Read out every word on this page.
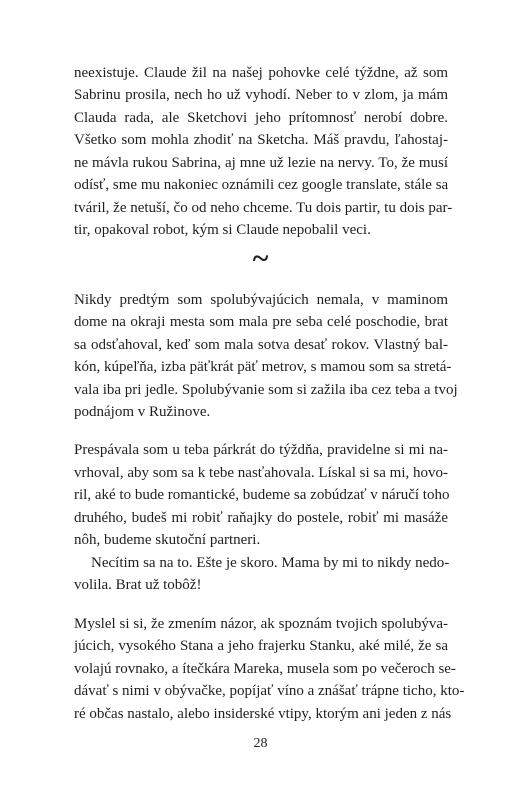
neexistuje. Claude žil na našej pohovke celé týždne, až som
Sabrinu prosila, nech ho už vyhodí. Neber to v zlom, ja mám
Clauda rada, ale Sketchovi jeho prítomnosť nerobí dobre.
Všetko som mohla zhodiť na Sketcha. Máš pravdu, ľahostaj-
ne mávla rukou Sabrina, aj mne už lezie na nervy. To, že musí
odísť, sme mu nakoniec oznámili cez google translate, stále sa
tváril, že netuší, čo od neho chceme. Tu dois partir, tu dois par-
tir, opakoval robot, kým si Claude nepobalil veci.
~
Nikdy predtým som spolubývajúcich nemala, v maminom
dome na okraji mesta som mala pre seba celé poschodie, brat
sa odsťahoval, keď som mala sotva desať rokov. Vlastný bal-
kón, kúpeľňa, izba päťkrát päť metrov, s mamou som sa stretá-
vala iba pri jedle. Spolubývanie som si zažila iba cez teba a tvoj
podnájom v Ružinove.
Prespávala som u teba párkrát do týždňa, pravidelne si mi na-
vrhoval, aby som sa k tebe nasťahovala. Lískal si sa mi, hovo-
ril, aké to bude romantické, budeme sa zobúdzať v náručí toho
druhého, budeš mi robiť raňajky do postele, robiť mi masáže
nôh, budeme skutoční partneri.
Necítim sa na to. Ešte je skoro. Mama by mi to nikdy nedo-
volila. Brat už tobôž!
Myslel si si, že zmením názor, ak spoznám tvojich spolubýva-
júcich, vysokého Stana a jeho frajerku Stanku, aké milé, že sa
volajú rovnako, a ítečkára Mareka, musela som po večeroch se-
dávať s nimi v obývačke, popíjať víno a znášať trápne ticho, kto-
ré občas nastalo, alebo insiderské vtipy, ktorým ani jeden z nás
28
